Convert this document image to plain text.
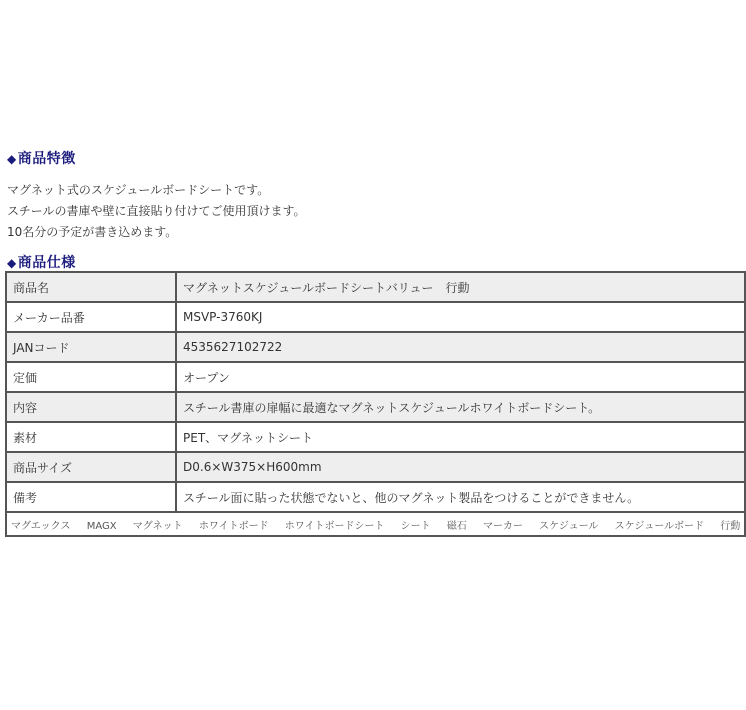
◆商品特徴
マグネット式のスケジュールボードシートです。
スチールの書庫や壁に直接貼り付けてご使用頂けます。
10名分の予定が書き込めます。
◆商品仕様
商品名	マグネットスケジュールボードシートバリュー　行動
メーカー品番	MSVP-3760KJ
JANコード	4535627102722
定価	オープン
内容	スチール書庫の扉幅に最適なマグネットスケジュールホワイトボードシート。
素材	PET、マグネットシート
商品サイズ	D0.6×W375×H600mm
備考	スチール面に貼った状態でないと、他のマグネット製品をつけることができません。
マグエックス MAGX マグネット ホワイトボード ホワイトボードシート シート 磁石 マーカー スケジュール スケジュールボード 行動	
